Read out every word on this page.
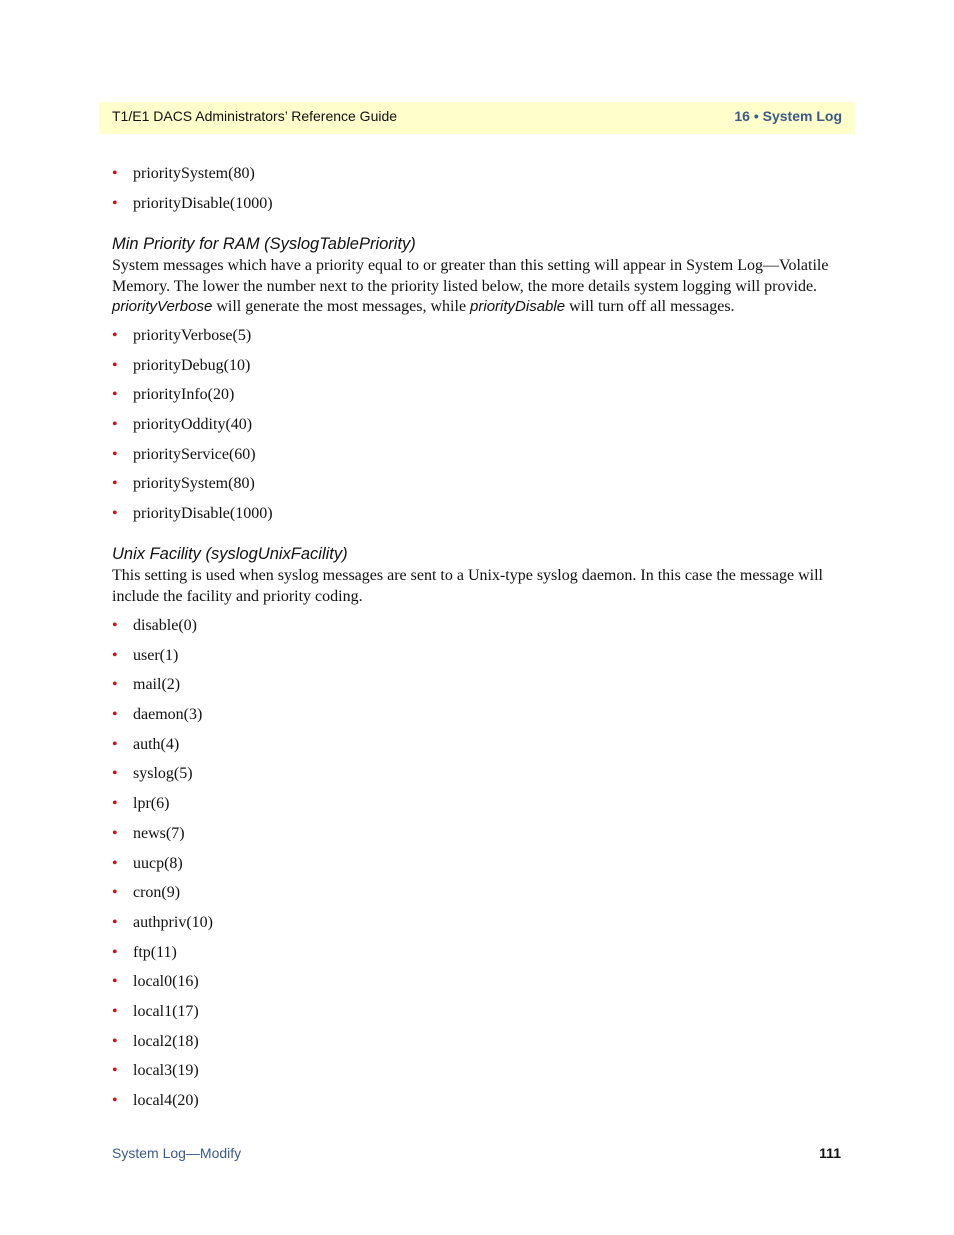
T1/E1 DACS Administrators’ Reference Guide	16 • System Log
• prioritySystem(80)
• priorityDisable(1000)
Min Priority for RAM (SyslogTablePriority)

System messages which have a priority equal to or greater than this setting will appear in System Log—Volatile Memory. The lower the number next to the priority listed below, the more details system logging will provide. priorityVerbose will generate the most messages, while priorityDisable will turn off all messages.

• priorityVerbose(5)
• priorityDebug(10)
• priorityInfo(20)
• priorityOddity(40)
• priorityService(60)
• prioritySystem(80)
• priorityDisable(1000)
Unix Facility (syslogUnixFacility)

This setting is used when syslog messages are sent to a Unix-type syslog daemon. In this case the message will include the facility and priority coding.

• disable(0)
• user(1)
• mail(2)
• daemon(3)
• auth(4)
• syslog(5)
• lpr(6)
• news(7)
• uucp(8)
• cron(9)
• authpriv(10)
• ftp(11)
• local0(16)
• local1(17)
• local2(18)
• local3(19)
• local4(20)
System Log—Modify	111
